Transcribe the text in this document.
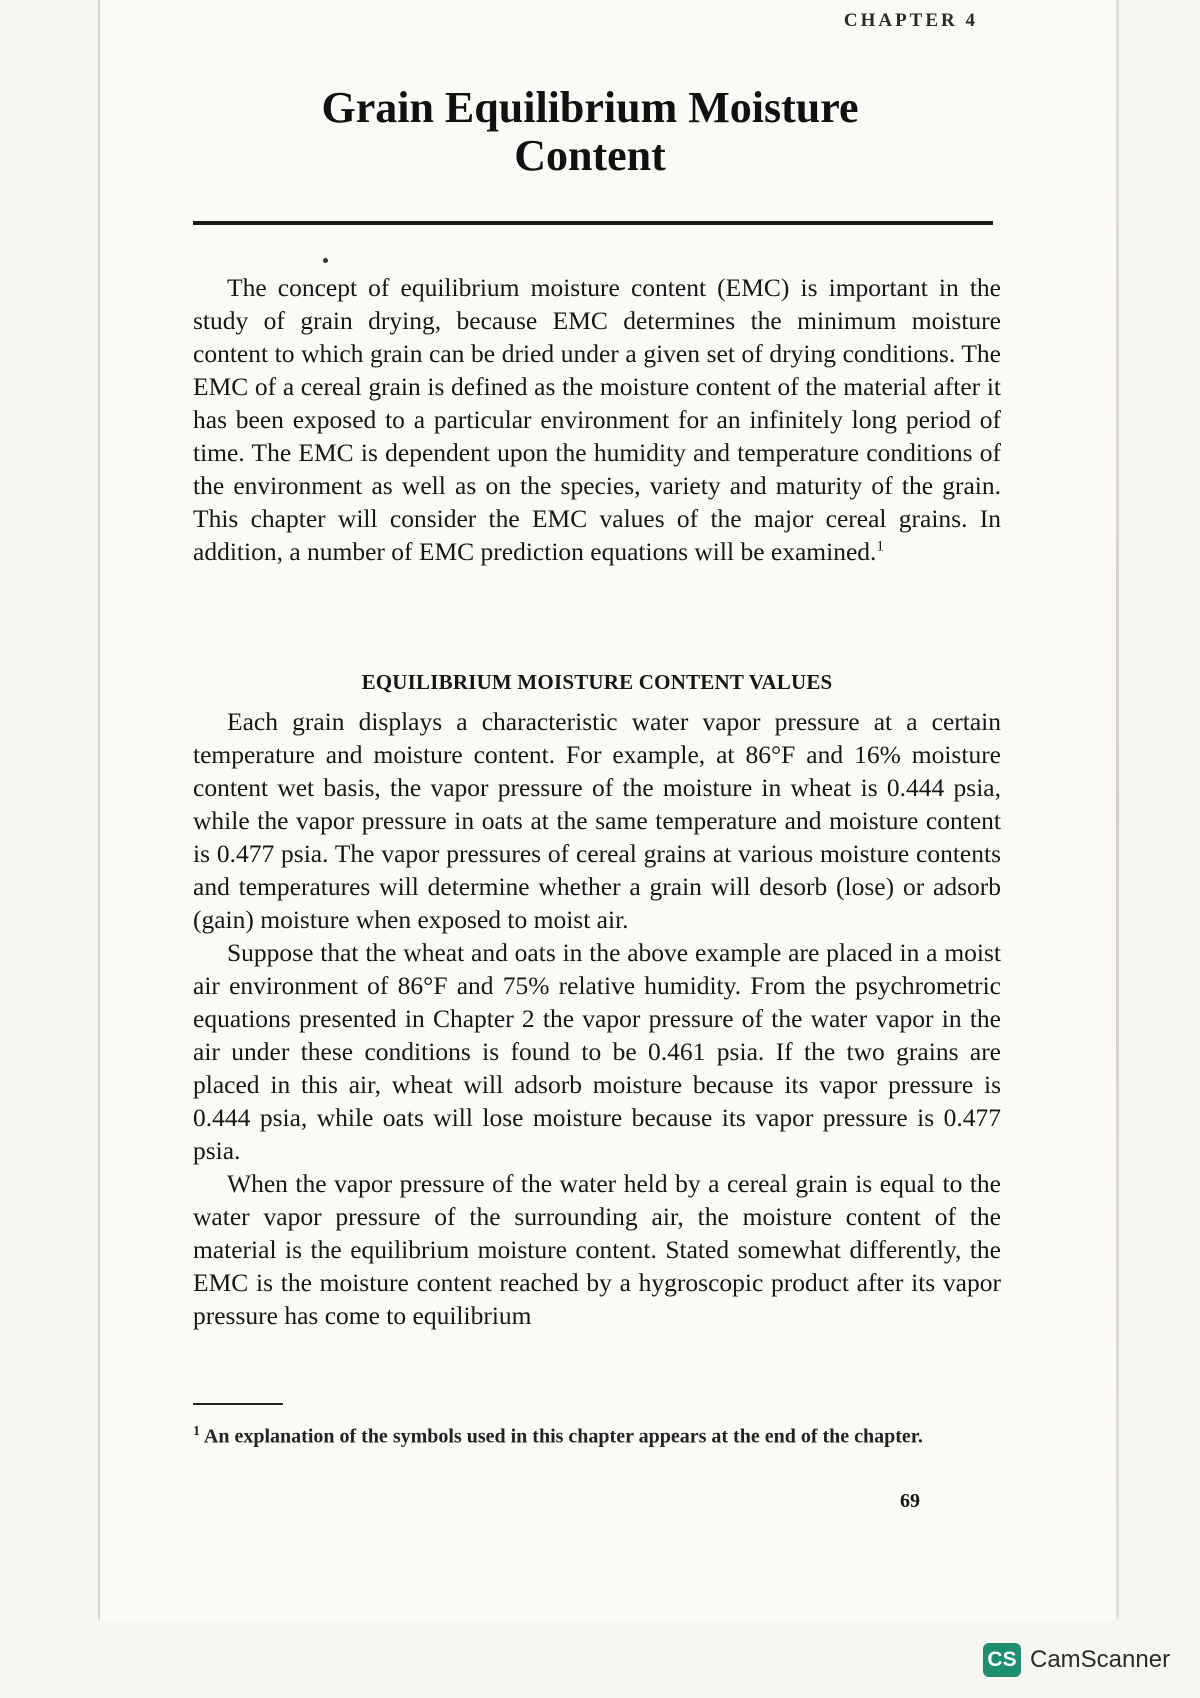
CHAPTER 4
Grain Equilibrium Moisture
Content

The concept of equilibrium moisture content (EMC) is important in the study of grain drying, because EMC determines the minimum moisture content to which grain can be dried under a given set of drying conditions. The EMC of a cereal grain is defined as the moisture content of the material after it has been exposed to a particular environment for an infinitely long period of time. The EMC is dependent upon the humidity and temperature conditions of the environment as well as on the species, variety and maturity of the grain. This chapter will consider the EMC values of the major cereal grains. In addition, a number of EMC prediction equations will be examined.$^1$

EQUILIBRIUM MOISTURE CONTENT VALUES

Each grain displays a characteristic water vapor pressure at a certain temperature and moisture content. For example, at 86°F and 16% moisture content wet basis, the vapor pressure of the moisture in wheat is 0.444 psia, while the vapor pressure in oats at the same temperature and moisture content is 0.477 psia. The vapor pressures of cereal grains at various moisture contents and temperatures will determine whether a grain will desorb (lose) or adsorb (gain) moisture when exposed to moist air.

Suppose that the wheat and oats in the above example are placed in a moist air environment of 86°F and 75% relative humidity. From the psychrometric equations presented in Chapter 2 the vapor pressure of the water vapor in the air under these conditions is found to be 0.461 psia. If the two grains are placed in this air, wheat will adsorb moisture because its vapor pressure is 0.444 psia, while oats will lose moisture because its vapor pressure is 0.477 psia.

When the vapor pressure of the water held by a cereal grain is equal to the water vapor pressure of the surrounding air, the moisture content of the material is the equilibrium moisture content. Stated somewhat differently, the EMC is the moisture content reached by a hygroscopic product after its vapor pressure has come to equilibrium

$^1$ An explanation of the symbols used in this chapter appears at the end of the chapter.
69
CS CamScanner
